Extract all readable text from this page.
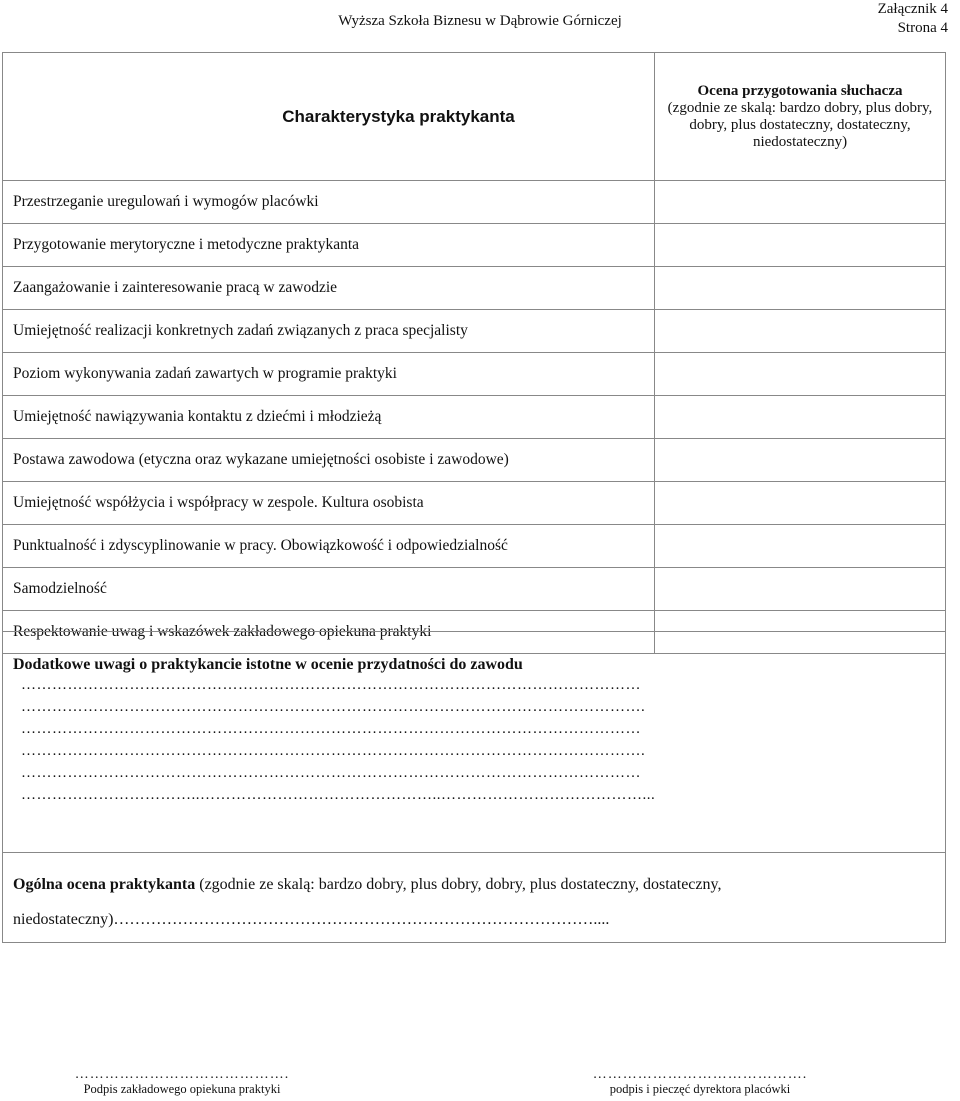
Wyższa Szkoła Biznesu w Dąbrowie Górniczej
Załącznik 4
Strona 4
Charakterystyka praktykanta	Ocena przygotowania słuchacza
(zgodnie ze skalą: bardzo dobry, plus dobry, dobry, plus dostateczny, dostateczny, niedostateczny)

Przestrzeganie uregulowań i wymogów placówki	
Przygotowanie merytoryczne i metodyczne praktykanta	
Zaangażowanie i zainteresowanie pracą w zawodzie	
Umiejętność realizacji konkretnych zadań związanych z praca specjalisty	
Poziom wykonywania zadań zawartych w programie praktyki	
Umiejętność nawiązywania kontaktu z dziećmi i młodzieżą	
Postawa zawodowa (etyczna oraz wykazane umiejętności osobiste i zawodowe)	
Umiejętność współżycia i współpracy w zespole. Kultura osobista	
Punktualność i zdyscyplinowanie w pracy. Obowiązkowość i odpowiedzialność	
Samodzielność	
Respektowanie uwag i wskazówek zakładowego opiekuna praktyki	
Dodatkowe uwagi o praktykancie istotne w ocenie przydatności do zawodu
…………………………………………………………………………………………………………
………………………………………………………………………………………………………….
…………………………………………………………………………………………………………
………………………………………………………………………………………………………….
…………………………………………………………………………………………………………
……………………………..………………………………………..…………………………………...
Ogólna ocena praktykanta (zgodnie ze skalą: bardzo dobry, plus dobry, dobry, plus dostateczny, dostateczny,
niedostateczny)………………………………………………………………………………....
…………………………………….
Podpis zakładowego opiekuna praktyki
…………………………………….
podpis i pieczęć dyrektora placówki
